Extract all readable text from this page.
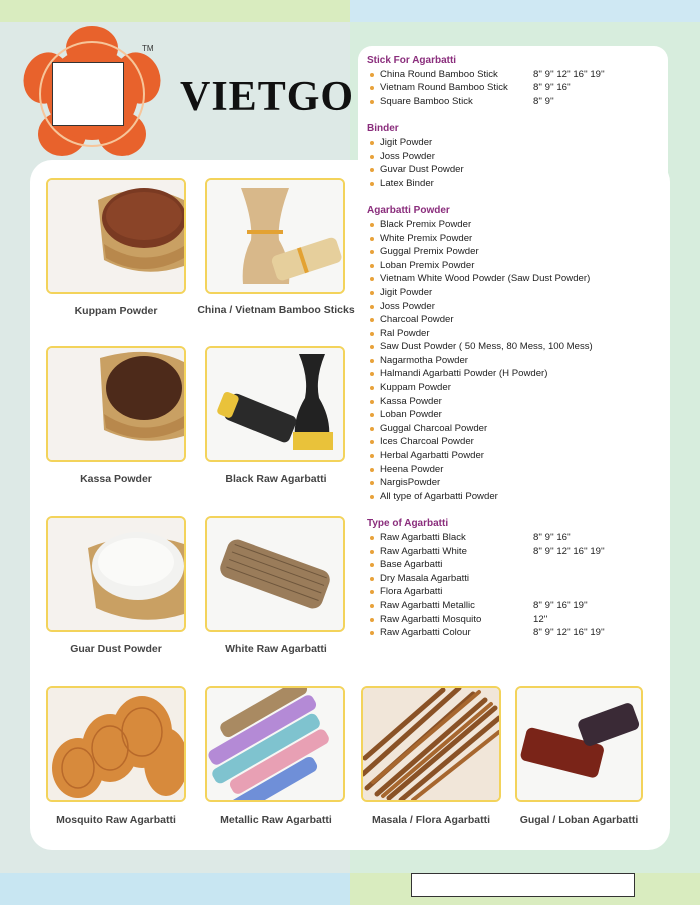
TM
VIETGO
Kuppam Powder	China / Vietnam Bamboo Sticks
Kassa Powder	Black Raw Agarbatti
Guar Dust Powder	White Raw Agarbatti
Mosquito Raw Agarbatti	Metallic Raw Agarbatti	Masala / Flora Agarbatti	Gugal / Loban Agarbatti
Stick For Agarbatti
China Round Bamboo Stick	8'' 9'' 12'' 16'' 19''
Vietnam Round Bamboo Stick	8'' 9'' 16''
Square Bamboo Stick	8'' 9''
Binder
Jigit Powder
Joss Powder
Guvar Dust Powder
Latex Binder
Agarbatti Powder
Black Premix Powder
White Premix Powder
Guggal Premix Powder
Loban Premix Powder
Vietnam White Wood Powder (Saw Dust Powder)
Jigit Powder
Joss Powder
Charcoal Powder
Ral Powder
Saw Dust Powder ( 50 Mess, 80 Mess, 100 Mess)
Nagarmotha Powder
Halmandi Agarbatti Powder (H Powder)
Kuppam Powder
Kassa Powder
Loban Powder
Guggal Charcoal Powder
Ices Charcoal Powder
Herbal Agarbatti Powder
Heena Powder
NargisPowder
All type of Agarbatti Powder
Type of Agarbatti
Raw Agarbatti Black	8'' 9'' 16''
Raw Agarbatti White	8'' 9'' 12'' 16'' 19''
Base Agarbatti
Dry Masala Agarbatti
Flora Agarbatti
Raw Agarbatti Metallic	8'' 9'' 16'' 19''
Raw Agarbatti Mosquito	12''
Raw Agarbatti Colour	8'' 9'' 12'' 16'' 19''
